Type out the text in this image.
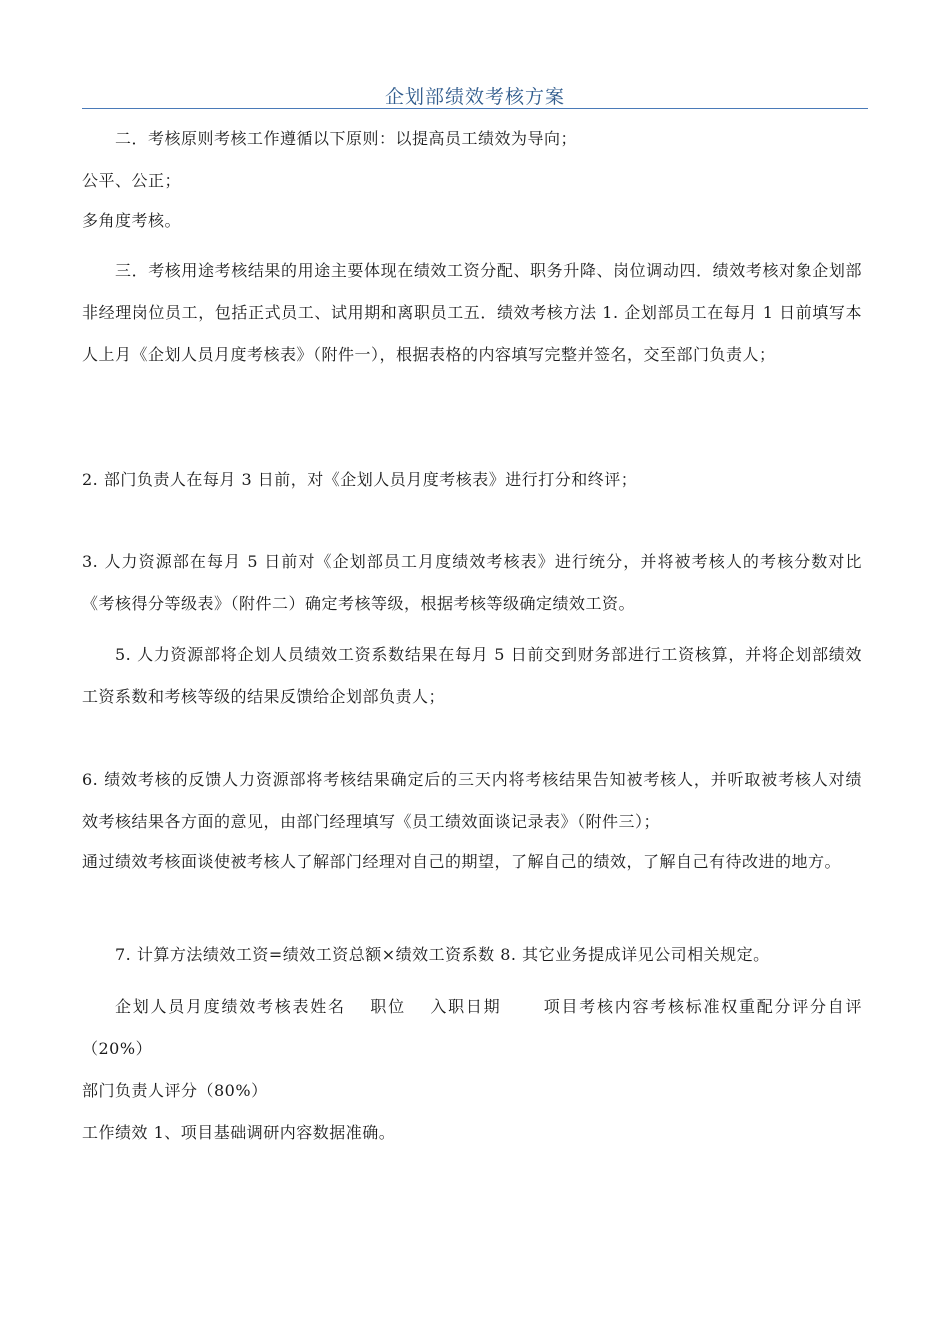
企划部绩效考核方案

二．考核原则考核工作遵循以下原则：以提高员工绩效为导向；

公平、公正；

多角度考核。

三．考核用途考核结果的用途主要体现在绩效工资分配、职务升降、岗位调动四．绩效考核对象企划部非经理岗位员工，包括正式员工、试用期和离职员工五．绩效考核方法 1. 企划部员工在每月 1 日前填写本人上月《企划人员月度考核表》（附件一），根据表格的内容填写完整并签名，交至部门负责人；

2. 部门负责人在每月 3 日前，对《企划人员月度考核表》进行打分和终评；

3. 人力资源部在每月 5 日前对《企划部员工月度绩效考核表》进行统分，并将被考核人的考核分数对比《考核得分等级表》（附件二）确定考核等级，根据考核等级确定绩效工资。

5. 人力资源部将企划人员绩效工资系数结果在每月 5 日前交到财务部进行工资核算，并将企划部绩效工资系数和考核等级的结果反馈给企划部负责人；

6. 绩效考核的反馈人力资源部将考核结果确定后的三天内将考核结果告知被考核人，并听取被考核人对绩效考核结果各方面的意见，由部门经理填写《员工绩效面谈记录表》（附件三）；

通过绩效考核面谈使被考核人了解部门经理对自己的期望，了解自己的绩效，了解自己有待改进的地方。

7. 计算方法绩效工资=绩效工资总额×绩效工资系数 8. 其它业务提成详见公司相关规定。

企划人员月度绩效考核表姓名　 职位　 入职日期　　 项目考核内容考核标准权重配分评分自评（20%）

部门负责人评分（80%）

工作绩效 1、项目基础调研内容数据准确。
